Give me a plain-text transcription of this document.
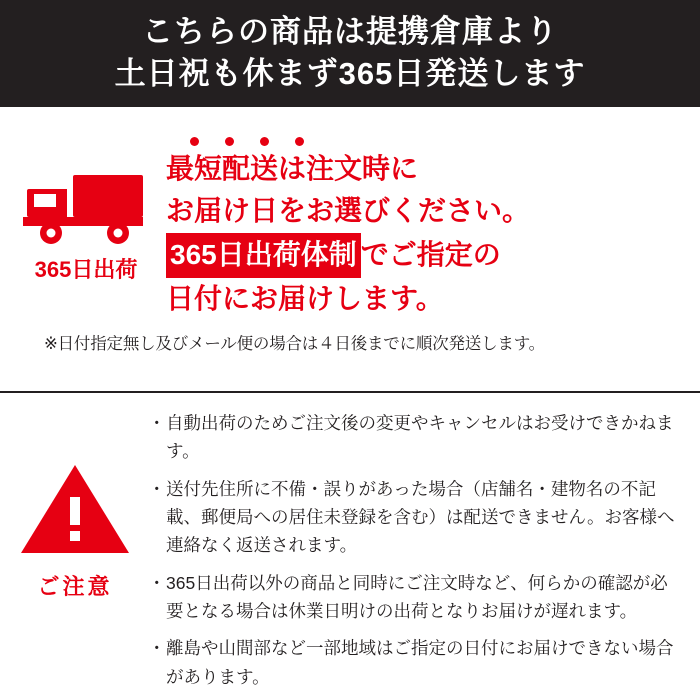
こちらの商品は提携倉庫より
土日祝も休まず365日発送します
365日出荷
最短配送は注文時に
お届け日をお選びください。
365日出荷体制 でご指定の
日付にお届けします。
※日付指定無し及びメール便の場合は４日後までに順次発送します。
ご注意
・ 自動出荷のためご注文後の変更やキャンセルはお受けできかねます。
・ 送付先住所に不備・誤りがあった場合（店舗名・建物名の不記載、郵便局への居住未登録を含む）は配送できません。お客様へ連絡なく返送されます。
・ 365日出荷以外の商品と同時にご注文時など、何らかの確認が必要となる場合は休業日明けの出荷となりお届けが遅れます。
・ 離島や山間部など一部地域はご指定の日付にお届けできない場合があります。
